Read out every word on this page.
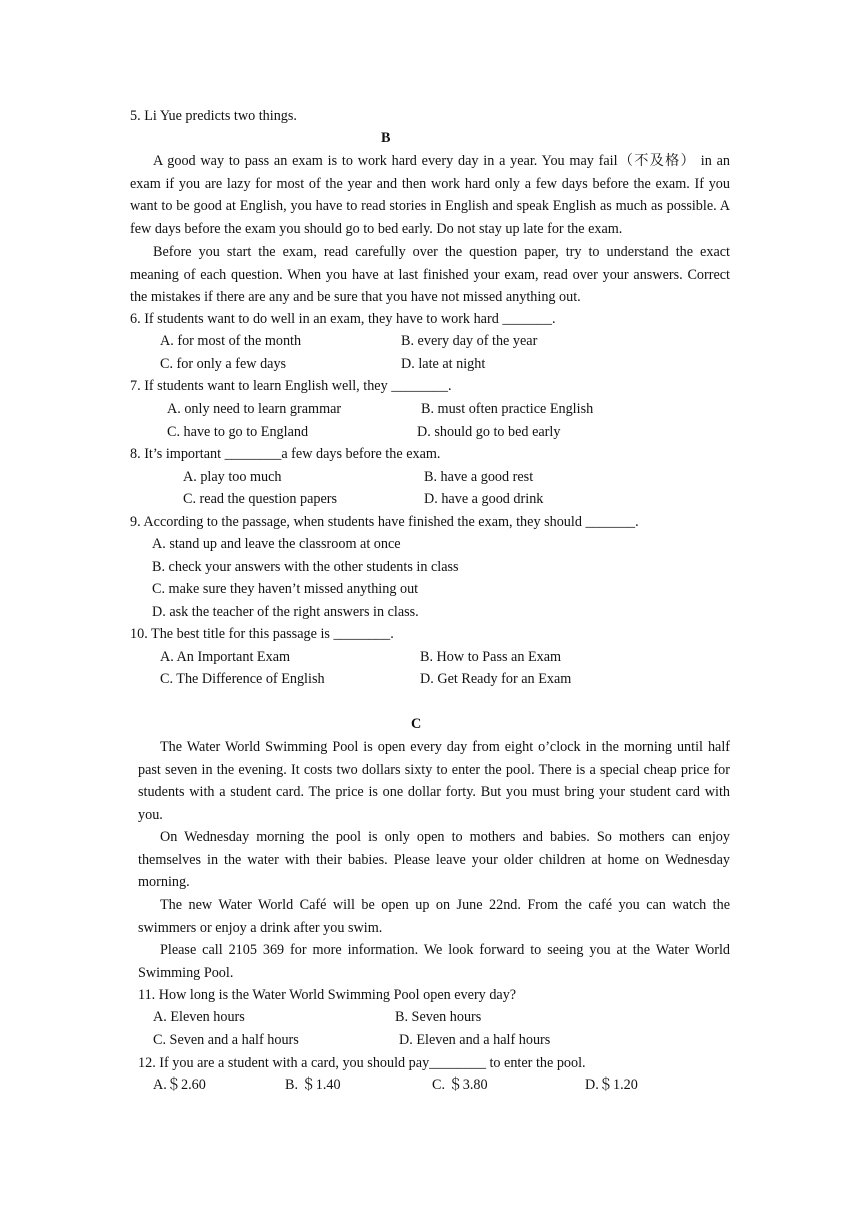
5. Li Yue predicts two things.
B
A good way to pass an exam is to work hard every day in a year. You may fail（不及格） in an exam if you are lazy for most of the year and then work hard only a few days before the exam. If you want to be good at English, you have to read stories in English and speak English as much as possible. A few days before the exam you should go to bed early. Do not stay up late for the exam.
Before you start the exam, read carefully over the question paper, try to understand the exact meaning of each question. When you have at last finished your exam, read over your answers. Correct the mistakes if there are any and be sure that you have not missed anything out.
6. If students want to do well in an exam, they have to work hard _______.
A. for most of the month	B. every day of the year
C. for only a few days	D. late at night
7. If students want to learn English well, they ________.
A. only need to learn grammar	B. must often practice English
C. have to go to England	D. should go to bed early
8. It’s important ________a few days before the exam.
A. play too much	B. have a good rest
C. read the question papers	D. have a good drink
9. According to the passage, when students have finished the exam, they should _______.
A. stand up and leave the classroom at once
B. check your answers with the other students in class
C. make sure they haven’t missed anything out
D. ask the teacher of the right answers in class.
10. The best title for this passage is ________.
A. An Important Exam	B. How to Pass an Exam
C. The Difference of English	D. Get Ready for an Exam
C
The Water World Swimming Pool is open every day from eight o’clock in the morning until half past seven in the evening. It costs two dollars sixty to enter the pool. There is a special cheap price for students with a student card. The price is one dollar forty. But you must bring your student card with you.
On Wednesday morning the pool is only open to mothers and babies. So mothers can enjoy themselves in the water with their babies. Please leave your older children at home on Wednesday morning.
The new Water World Café will be open up on June 22nd. From the café you can watch the swimmers or enjoy a drink after you swim.
Please call 2105 369 for more information. We look forward to seeing you at the Water World Swimming Pool.
11. How long is the Water World Swimming Pool open every day?
A. Eleven hours	B. Seven hours
C. Seven and a half hours	D. Eleven and a half hours
12. If you are a student with a card, you should pay________ to enter the pool.
A.＄2.60	B. ＄1.40	C. ＄3.80	D.＄1.20
